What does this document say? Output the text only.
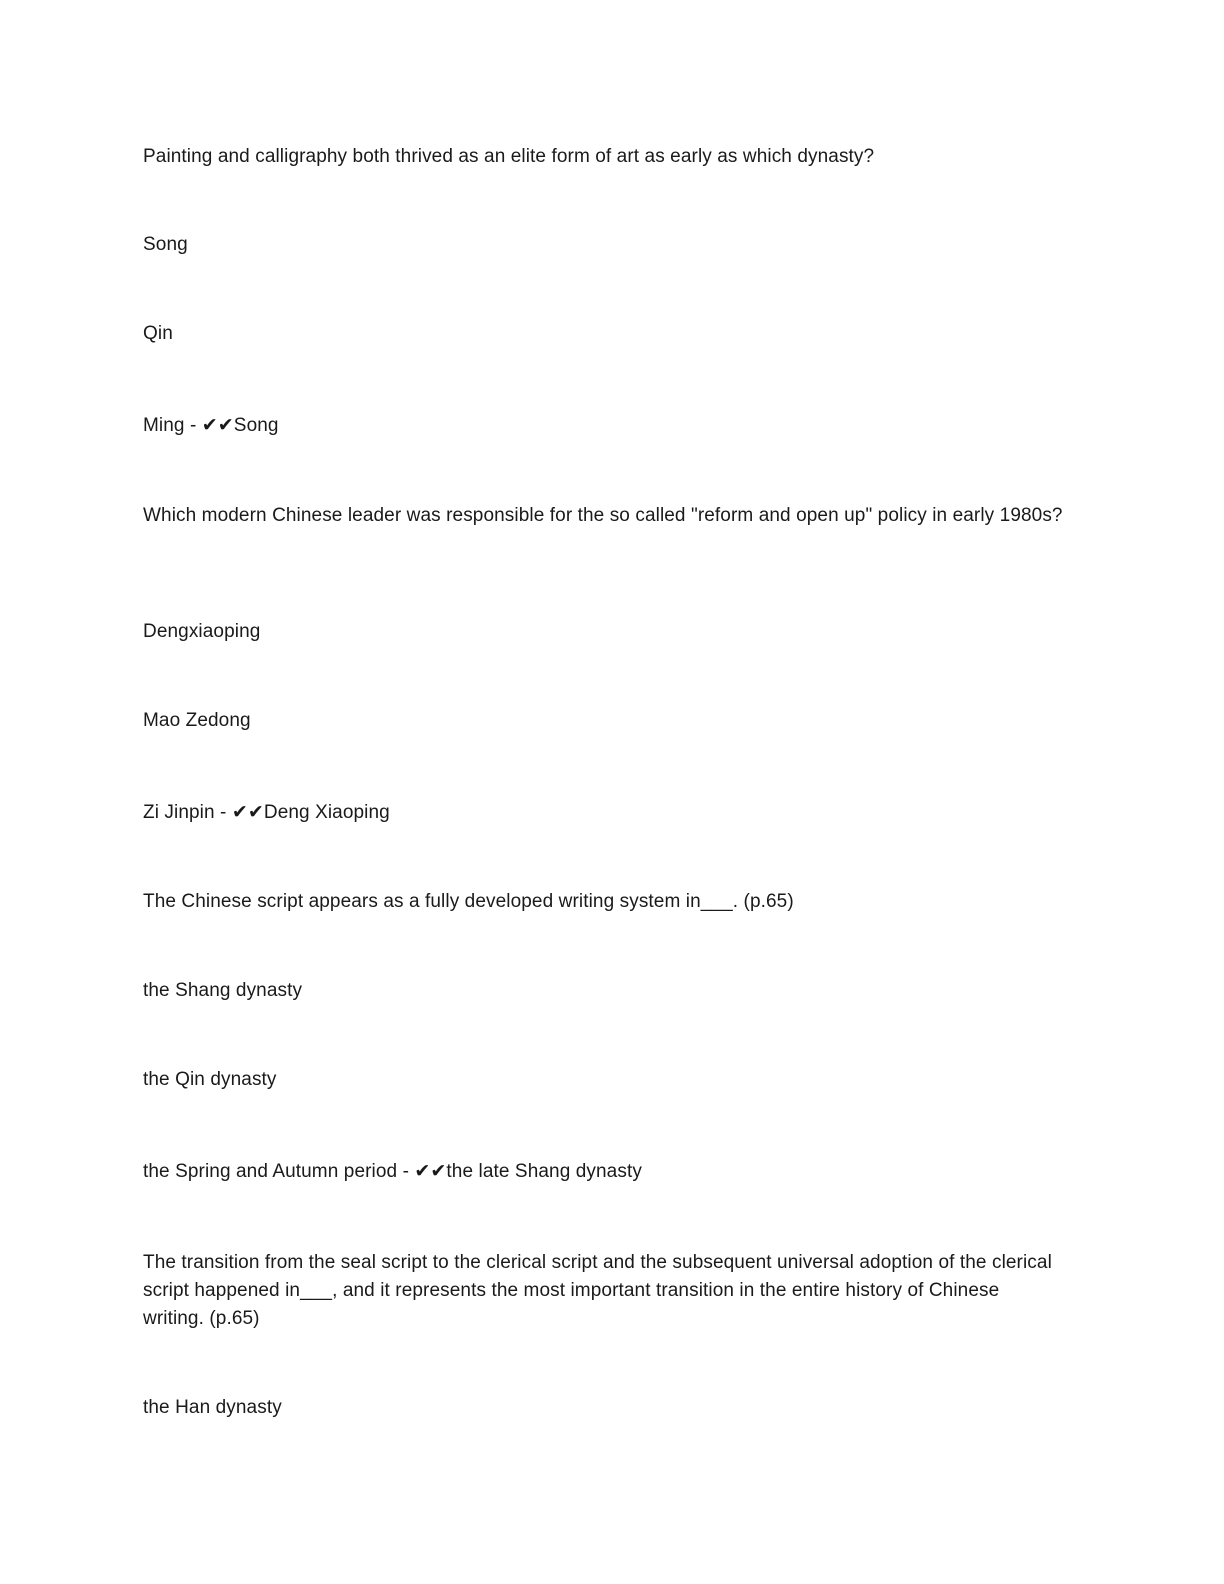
Painting and calligraphy both thrived as an elite form of art as early as which dynasty?
Song
Qin
Ming - ✔✔Song
Which modern Chinese leader was responsible for the so called "reform and open up" policy in early 1980s?
Dengxiaoping
Mao Zedong
Zi Jinpin - ✔✔Deng Xiaoping
The Chinese script appears as a fully developed writing system in___. (p.65)
the Shang dynasty
the Qin dynasty
the Spring and Autumn period - ✔✔the late Shang dynasty
The transition from the seal script to the clerical script and the subsequent universal adoption of the clerical script happened in___, and it represents the most important transition in the entire history of Chinese writing. (p.65)
the Han dynasty
